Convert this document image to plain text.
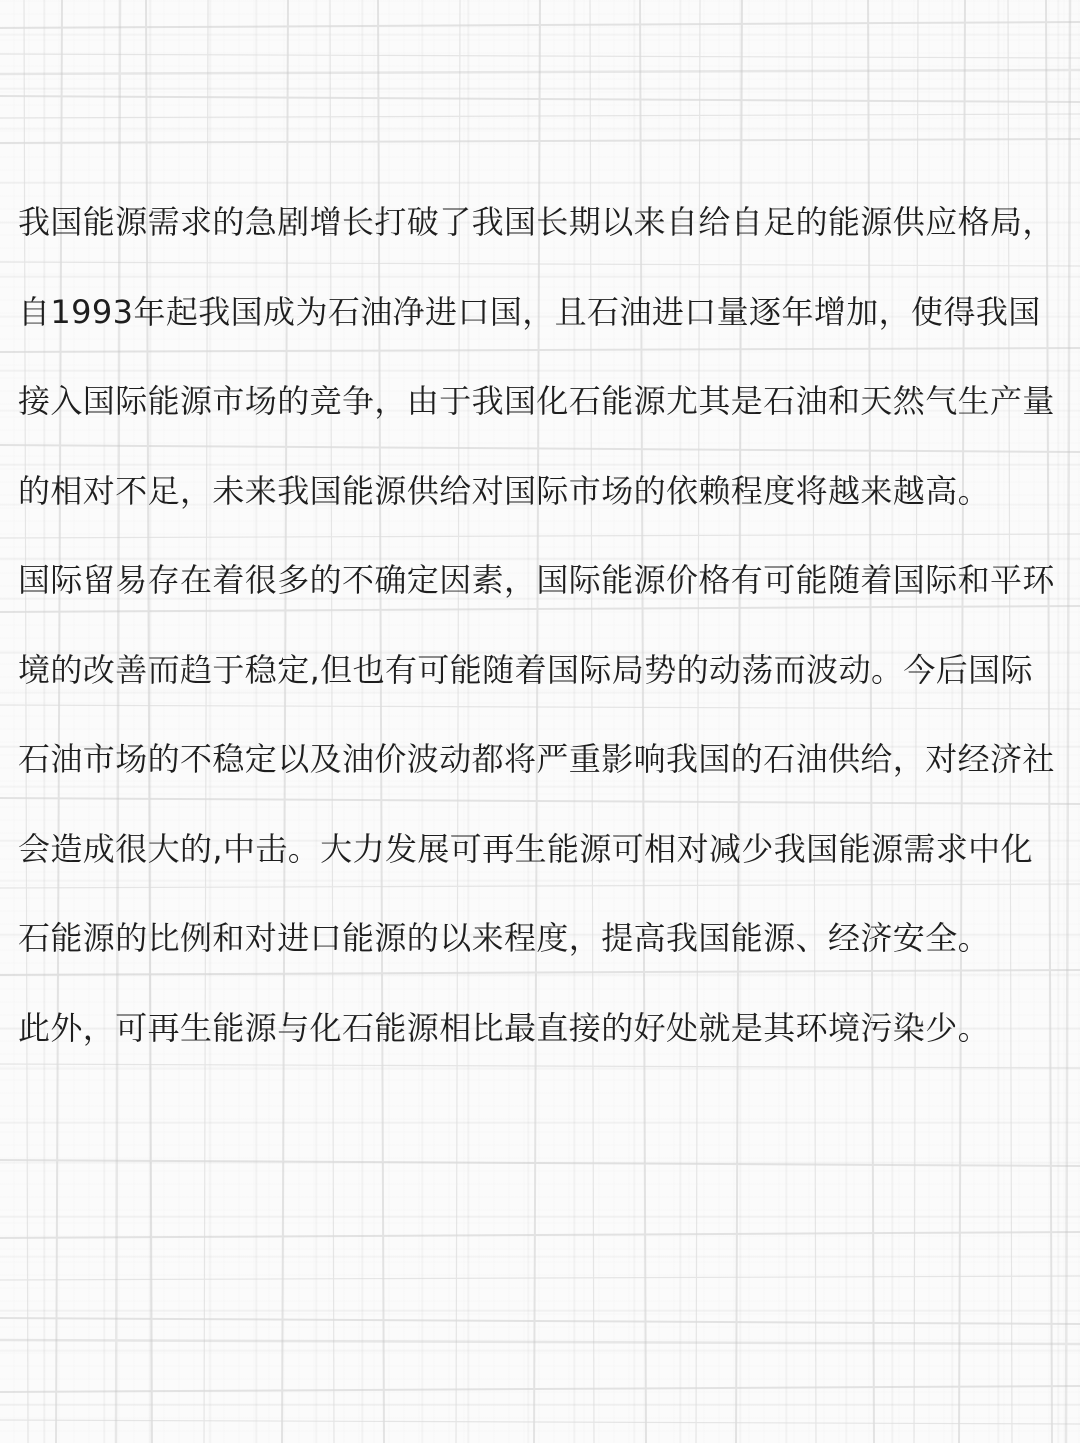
我国能源需求的急剧增长打破了我国长期以来自给自足的能源供应格局，自1993年起我国成为石油净进口国，且石油进口量逐年增加，使得我国接入国际能源市场的竞争，由于我国化石能源尤其是石油和天然气生产量的相对不足，未来我国能源供给对国际市场的依赖程度将越来越高。

国际留易存在着很多的不确定因素，国际能源价格有可能随着国际和平环境的改善而趋于稳定,但也有可能随着国际局势的动荡而波动。今后国际石油市场的不稳定以及油价波动都将严重影响我国的石油供给，对经济社会造成很大的,中击。大力发展可再生能源可相对减少我国能源需求中化石能源的比例和对进口能源的以来程度，提高我国能源、经济安全。

此外，可再生能源与化石能源相比最直接的好处就是其环境污染少。
